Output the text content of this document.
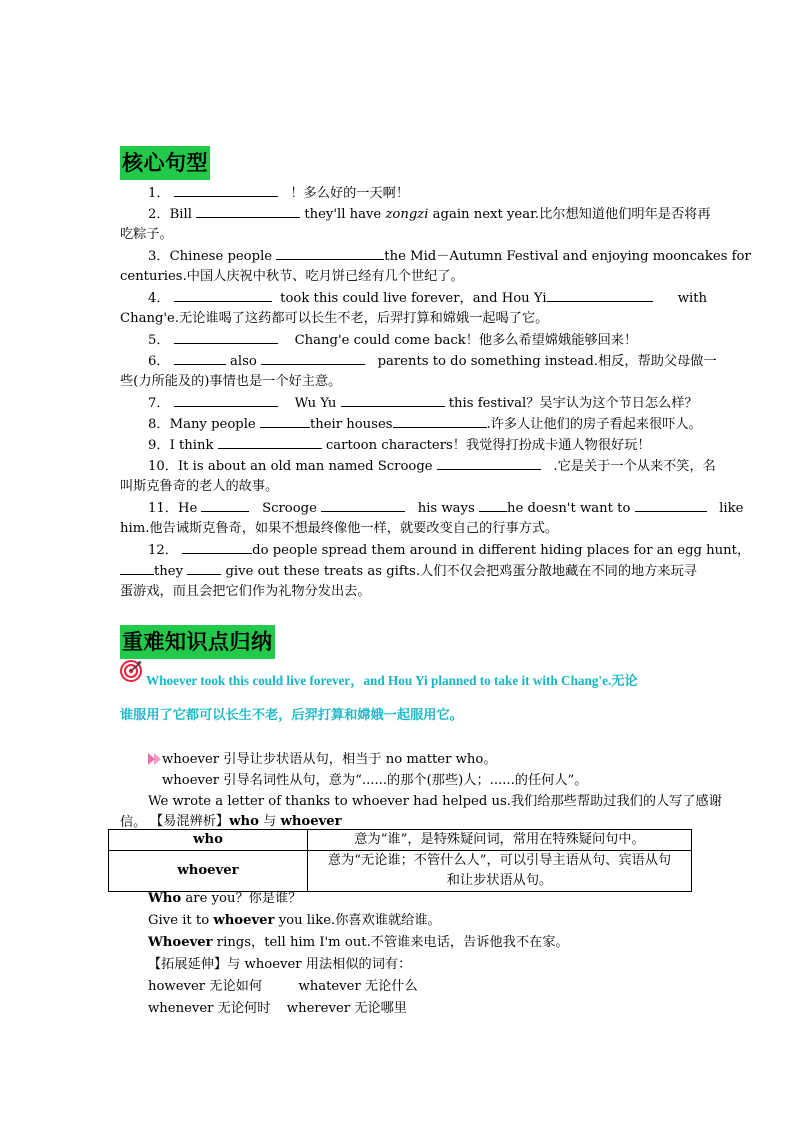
核心句型
1．	！多么好的一天啊！
2．Bill	they'll have zongzi again next year.比尔想知道他们明年是否将再
吃粽子。
3．Chinese people	the Mid－Autumn Festival and enjoying mooncakes for
centuries.中国人庆祝中秋节、吃月饼已经有几个世纪了。
4．	took this could live forever，and Hou Yi	with
Chang'e.无论谁喝了这药都可以长生不老，后羿打算和嫦娥一起喝了它。
5．	Chang'e could come back！他多么希望嫦娥能够回来！
6．	also	parents to do something instead.相反，帮助父母做一
些(力所能及的)事情也是一个好主意。
7．	Wu Yu	this festival？吴宇认为这个节日怎么样？
8．Many people	their houses	.许多人让他们的房子看起来很吓人。
9．I think	cartoon characters！我觉得打扮成卡通人物很好玩！
10．It is about an old man named Scrooge	.它是关于一个从来不笑，名
叫斯克鲁奇的老人的故事。
11．He	Scrooge	his ways he doesn't want to	like
him.他告诫斯克鲁奇，如果不想最终像他一样，就要改变自己的行事方式。
12．	do people spread them around in different hiding places for an egg hunt，
they	give out these treats as gifts.人们不仅会把鸡蛋分散地藏在不同的地方来玩寻
蛋游戏，而且会把它们作为礼物分发出去。
重难知识点归纳
Whoever took this could live forever，and Hou Yi planned to take it with Chang'e.无论
谁服用了它都可以长生不老，后羿打算和嫦娥一起服用它。
whoever 引导让步状语从句，相当于 no matter who。
whoever 引导名词性从句，意为“......的那个(那些)人；......的任何人”。
We wrote a letter of thanks to whoever had helped us.我们给那些帮助过我们的人写了感谢
信。 【易混辨析】who 与 whoever
who	意为“谁”，是特殊疑问词，常用在特殊疑问句中。
whoever	意为“无论谁；不管什么人”，可以引导主语从句、宾语从句
和让步状语从句。
Who are you？你是谁？
Give it to whoever you like.你喜欢谁就给谁。
Whoever rings，tell him I'm out.不管谁来电话，告诉他我不在家。
【拓展延伸】与 whoever 用法相似的词有：
however 无论如何	whatever 无论什么
whenever 无论何时 wherever 无论哪里
